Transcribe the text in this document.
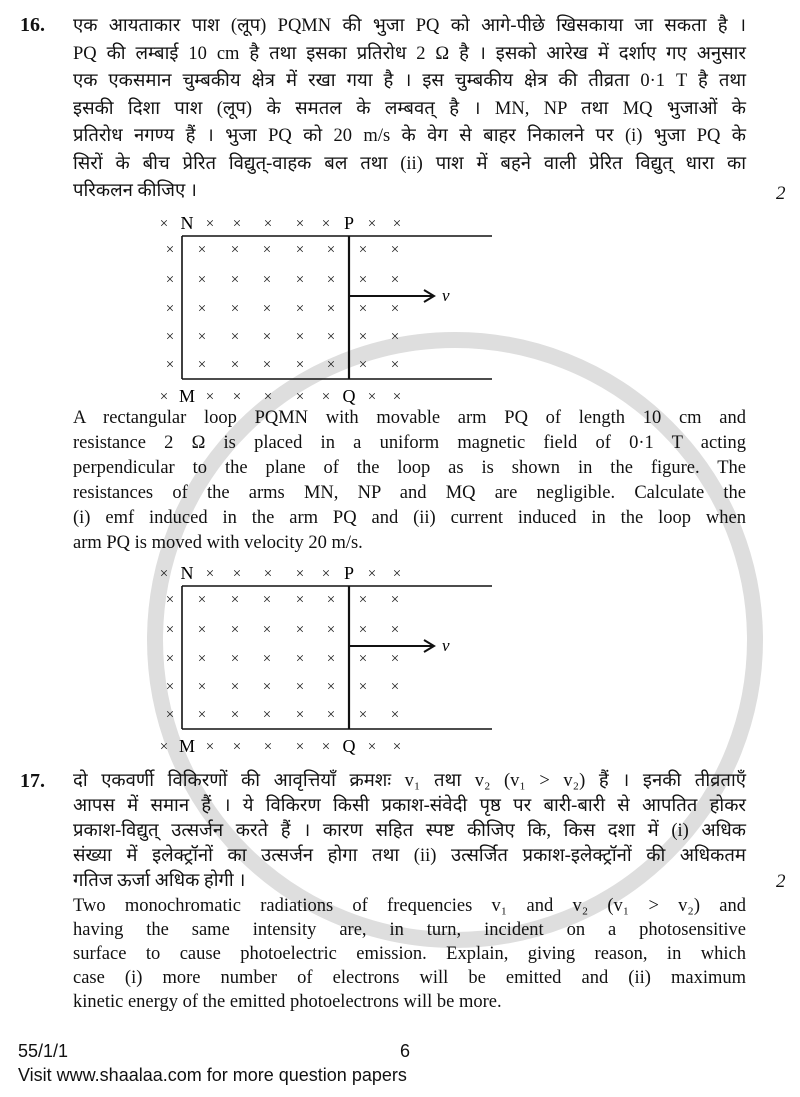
16. एक आयताकार पाश (लूप) PQMN की भुजा PQ को आगे-पीछे खिसकाया जा सकता है ।
PQ की लम्बाई 10 cm है तथा इसका प्रतिरोध 2 Ω है । इसको आरेख में दर्शाए गए अनुसार
एक एकसमान चुम्बकीय क्षेत्र में रखा गया है । इस चुम्बकीय क्षेत्र की तीव्रता 0·1 T है तथा
इसकी दिशा पाश (लूप) के समतल के लम्बवत् है । MN, NP तथा MQ भुजाओं के
प्रतिरोध नगण्य हैं । भुजा PQ को 20 m/s के वेग से बाहर निकालने पर (i) भुजा PQ के
सिरों के बीच प्रेरित विद्युत्-वाहक बल तथा (ii) पाश में बहने वाली प्रेरित विद्युत् धारा का
परिकलन कीजिए ।	2
v
× × × × × × × ×
× × × × × × × ×
× × × × × × × ×
× × × × × × × ×
× × × × × × × ×
×	× × × × ×	× ×
N	P
×	× × × × ×	× ×
M	Q
A rectangular loop PQMN with movable arm PQ of length 10 cm and
resistance 2 Ω is placed in a uniform magnetic field of 0·1 T acting
perpendicular to the plane of the loop as is shown in the figure. The
resistances of the arms MN, NP and MQ are negligible. Calculate the
(i) emf induced in the arm PQ and (ii) current induced in the loop when
arm PQ is moved with velocity 20 m/s.
v
× × × × × × × ×
× × × × × × × ×
× × × × × × × ×
× × × × × × × ×
× × × × × × × ×
×	× × × × ×	× ×
N	P
×	× × × × ×	× ×
M	Q
17. दो एकवर्णी विकिरणों की आवृत्तियाँ क्रमशः v₁ तथा v₂ (v₁ > v₂) हैं । इनकी तीव्रताएँ
आपस में समान हैं । ये विकिरण किसी प्रकाश-संवेदी पृष्ठ पर बारी-बारी से आपतित होकर
प्रकाश-विद्युत् उत्सर्जन करते हैं । कारण सहित स्पष्ट कीजिए कि, किस दशा में (i) अधिक
संख्या में इलेक्ट्रॉनों का उत्सर्जन होगा तथा (ii) उत्सर्जित प्रकाश-इलेक्ट्रॉनों की अधिकतम
गतिज ऊर्जा अधिक होगी ।	2
Two monochromatic radiations of frequencies v₁ and v₂ (v₁ > v₂) and
having the same intensity are, in turn, incident on a photosensitive
surface to cause photoelectric emission. Explain, giving reason, in which
case (i) more number of electrons will be emitted and (ii) maximum
kinetic energy of the emitted photoelectrons will be more.
55/1/1	6
Visit www.shaalaa.com for more question papers
